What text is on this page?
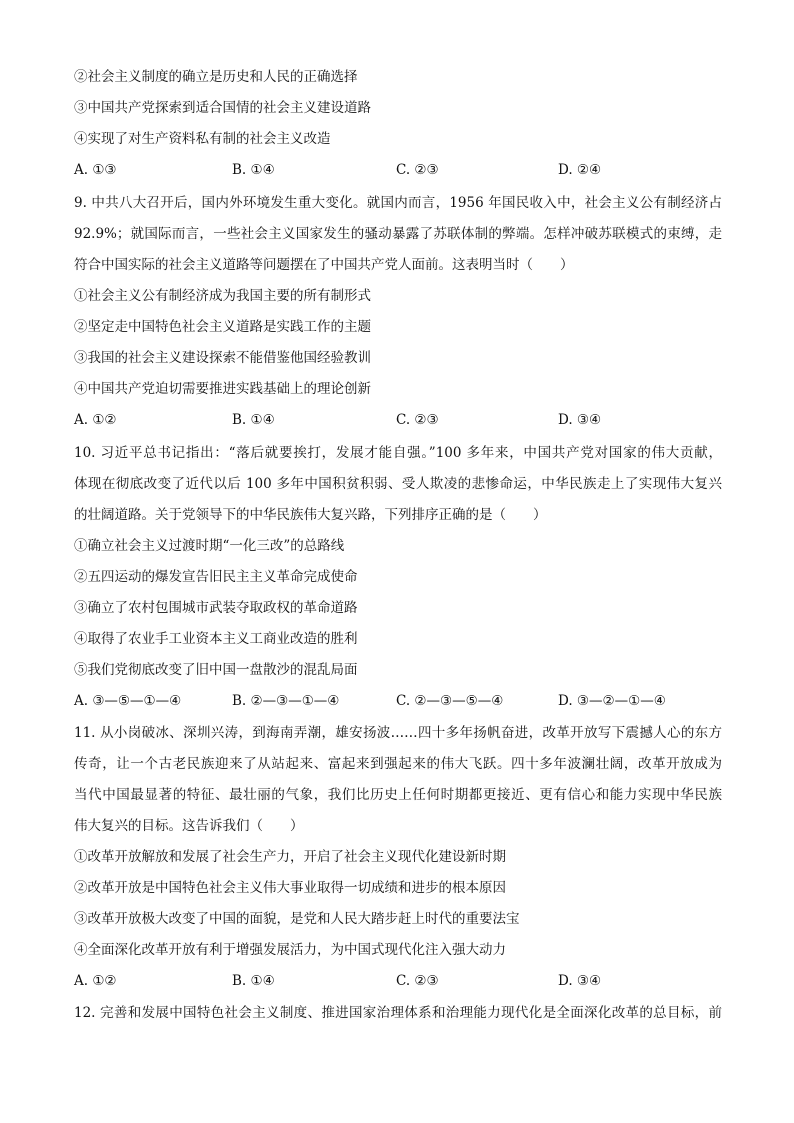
②社会主义制度的确立是历史和人民的正确选择
③中国共产党探索到适合国情的社会主义建设道路
④实现了对生产资料私有制的社会主义改造
A. ①③	B. ①④	C. ②③	D. ②④
9. 中共八大召开后，国内外环境发生重大变化。就国内而言，1956 年国民收入中，社会主义公有制经济占
92.9%；就国际而言，一些社会主义国家发生的骚动暴露了苏联体制的弊端。怎样冲破苏联模式的束缚，走
符合中国实际的社会主义道路等问题摆在了中国共产党人面前。这表明当时（　　）
①社会主义公有制经济成为我国主要的所有制形式
②坚定走中国特色社会主义道路是实践工作的主题
③我国的社会主义建设探索不能借鉴他国经验教训
④中国共产党迫切需要推进实践基础上的理论创新
A. ①②	B. ①④	C. ②③	D. ③④
10. 习近平总书记指出：“落后就要挨打，发展才能自强。”100 多年来，中国共产党对国家的伟大贡献，
体现在彻底改变了近代以后 100 多年中国积贫积弱、受人欺凌的悲惨命运，中华民族走上了实现伟大复兴
的壮阔道路。关于党领导下的中华民族伟大复兴路，下列排序正确的是（　　）
①确立社会主义过渡时期“一化三改”的总路线
②五四运动的爆发宣告旧民主主义革命完成使命
③确立了农村包围城市武装夺取政权的革命道路
④取得了农业手工业资本主义工商业改造的胜利
⑤我们党彻底改变了旧中国一盘散沙的混乱局面
A. ③—⑤—①—④	B. ②—③—①—④	C. ②—③—⑤—④	D. ③—②—①—④
11. 从小岗破冰、深圳兴涛，到海南弄潮，雄安扬波……四十多年扬帆奋进，改革开放写下震撼人心的东方
传奇，让一个古老民族迎来了从站起来、富起来到强起来的伟大飞跃。四十多年波澜壮阔，改革开放成为
当代中国最显著的特征、最壮丽的气象，我们比历史上任何时期都更接近、更有信心和能力实现中华民族
伟大复兴的目标。这告诉我们（　　）
①改革开放解放和发展了社会生产力，开启了社会主义现代化建设新时期
②改革开放是中国特色社会主义伟大事业取得一切成绩和进步的根本原因
③改革开放极大改变了中国的面貌，是党和人民大踏步赶上时代的重要法宝
④全面深化改革开放有利于增强发展活力，为中国式现代化注入强大动力
A. ①②	B. ①④	C. ②③	D. ③④
12. 完善和发展中国特色社会主义制度、推进国家治理体系和治理能力现代化是全面深化改革的总目标，前
